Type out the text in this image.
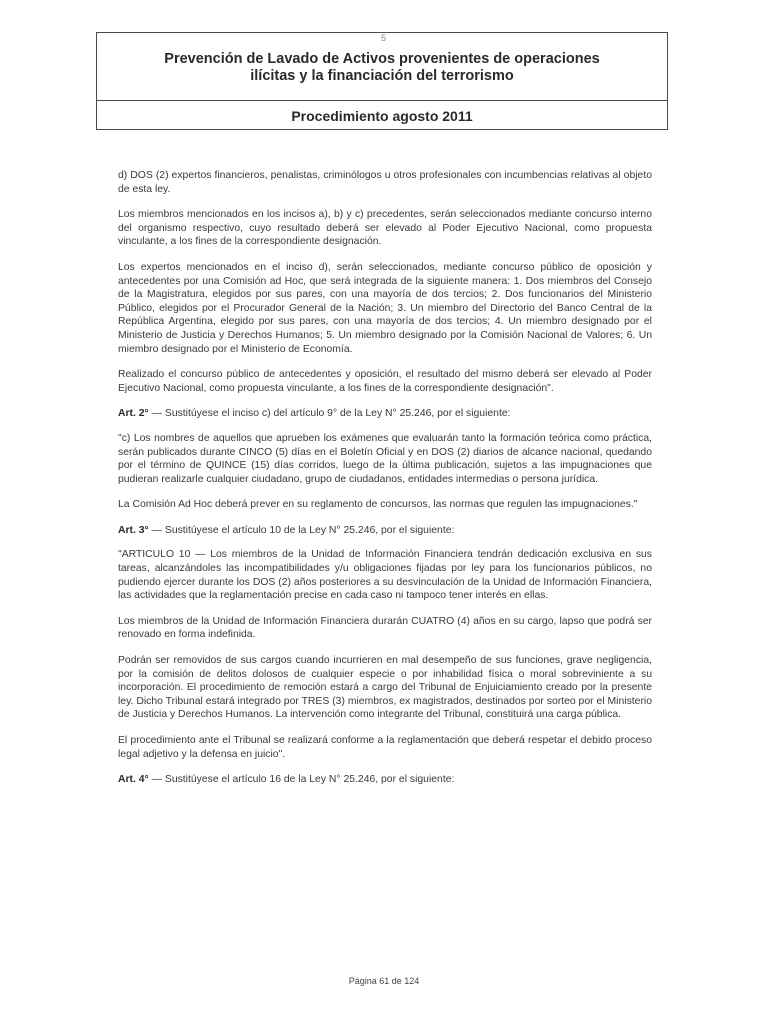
5
Prevención de Lavado de Activos provenientes de operaciones
ilícitas y la financiación del terrorismo
Procedimiento agosto 2011

d) DOS (2) expertos financieros, penalistas, criminólogos u otros profesionales con incumbencias relativas al objeto de esta ley.

Los miembros mencionados en los incisos a), b) y c) precedentes, serán seleccionados mediante concurso interno del organismo respectivo, cuyo resultado deberá ser elevado al Poder Ejecutivo Nacional, como propuesta vinculante, a los fines de la correspondiente designación.

Los expertos mencionados en el inciso d), serán seleccionados, mediante concurso público de oposición y antecedentes por una Comisión ad Hoc, que será integrada de la siguiente manera: 1. Dos miembros del Consejo de la Magistratura, elegidos por sus pares, con una mayoría de dos tercios; 2. Dos funcionarios del Ministerio Público, elegidos por el Procurador General de la Nación; 3. Un miembro del Directorio del Banco Central de la República Argentina, elegido por sus pares, con una mayoría de dos tercios; 4. Un miembro designado por el Ministerio de Justicia y Derechos Humanos; 5. Un miembro designado por la Comisión Nacional de Valores; 6. Un miembro designado por el Ministerio de Economía.

Realizado el concurso público de antecedentes y oposición, el resultado del mismo deberá ser elevado al Poder Ejecutivo Nacional, como propuesta vinculante, a los fines de la correspondiente designación".

Art. 2° — Sustitúyese el inciso c) del artículo 9° de la Ley N° 25.246, por el siguiente:

"c) Los nombres de aquellos que aprueben los exámenes que evaluarán tanto la formación teórica como práctica, serán publicados durante CINCO (5) días en el Boletín Oficial y en DOS (2) diarios de alcance nacional, quedando por el término de QUINCE (15) días corridos, luego de la última publicación, sujetos a las impugnaciones que pudieran realizarle cualquier ciudadano, grupo de ciudadanos, entidades intermedias o persona jurídica.

La Comisión Ad Hoc deberá prever en su reglamento de concursos, las normas que regulen las impugnaciones."

Art. 3° — Sustitúyese el artículo 10 de la Ley N° 25.246, por el siguiente:

"ARTICULO 10 — Los miembros de la Unidad de Información Financiera tendrán dedicación exclusiva en sus tareas, alcanzándoles las incompatibilidades y/u obligaciones fijadas por ley para los funcionarios públicos, no pudiendo ejercer durante los DOS (2) años posteriores a su desvinculación de la Unidad de Información Financiera, las actividades que la reglamentación precise en cada caso ni tampoco tener interés en ellas.

Los miembros de la Unidad de Información Financiera durarán CUATRO (4) años en su cargo, lapso que podrá ser renovado en forma indefinida.

Podrán ser removidos de sus cargos cuando incurrieren en mal desempeño de sus funciones, grave negligencia, por la comisión de delitos dolosos de cualquier especie o por inhabilidad física o moral sobreviniente a su incorporación. El procedimiento de remoción estará a cargo del Tribunal de Enjuiciamiento creado por la presente ley. Dicho Tribunal estará integrado por TRES (3) miembros, ex magistrados, destinados por sorteo por el Ministerio de Justicia y Derechos Humanos. La intervención como integrante del Tribunal, constituirá una carga pública.

El procedimiento ante el Tribunal se realizará conforme a la reglamentación que deberá respetar el debido proceso legal adjetivo y la defensa en juicio".

Art. 4° — Sustitúyese el artículo 16 de la Ley N° 25.246, por el siguiente:

Página 61 de 124
